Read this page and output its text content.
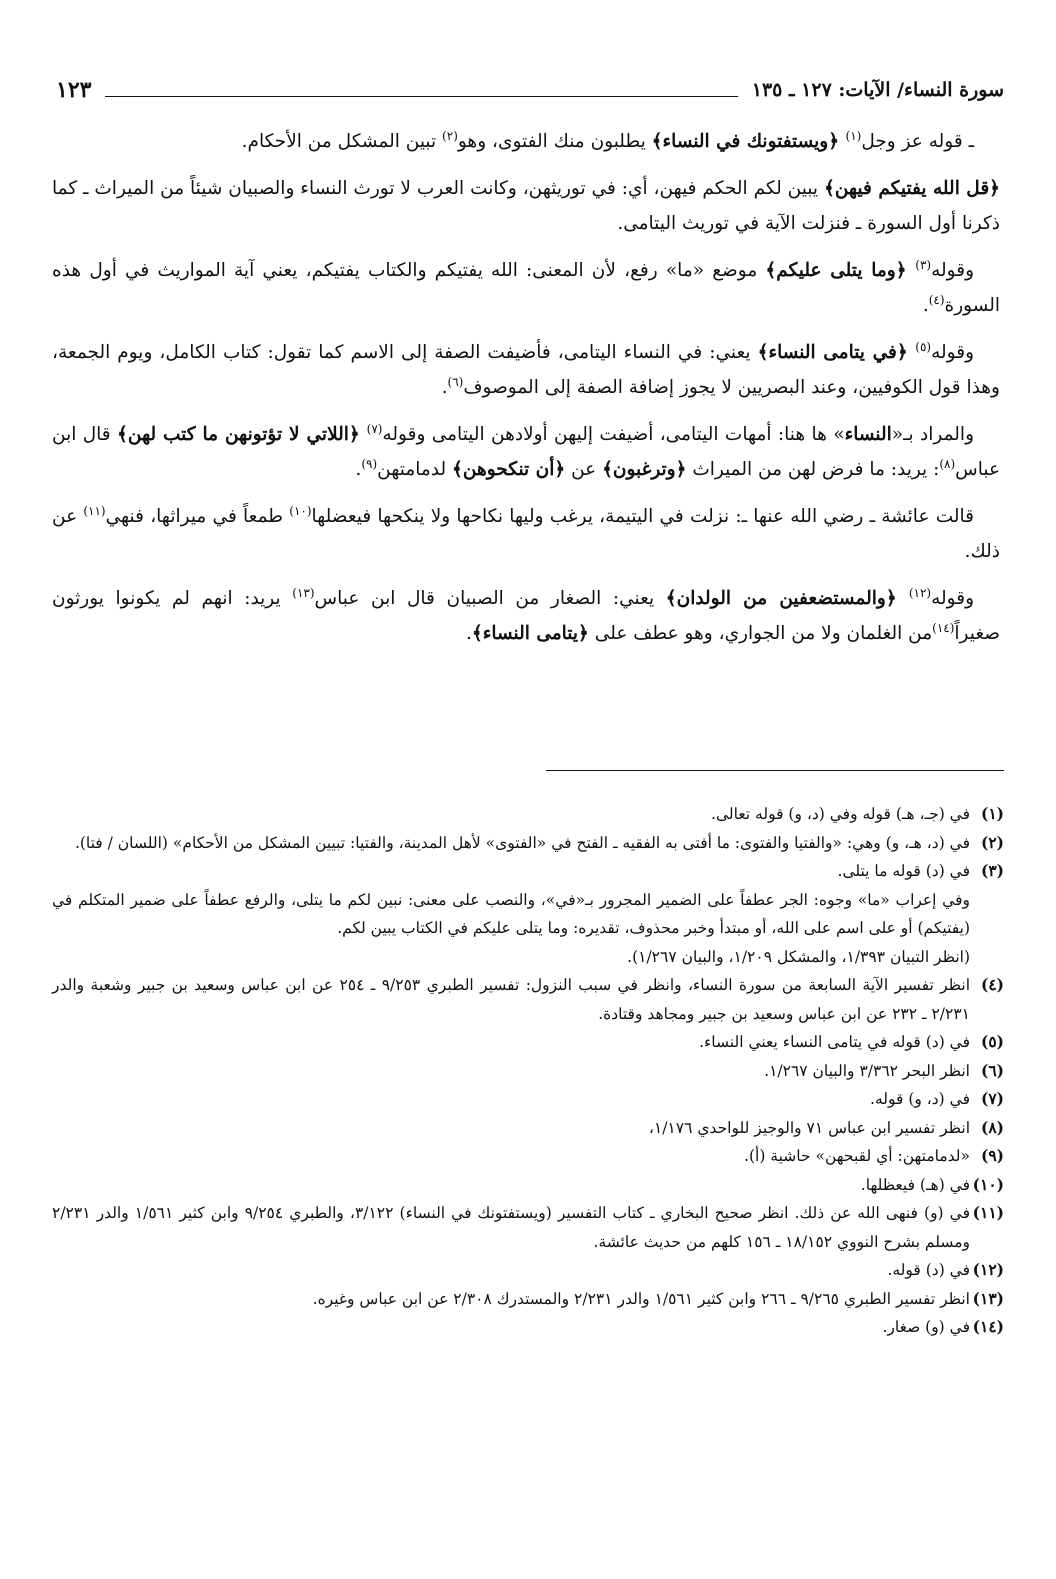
سورة النساء/ الآيات: ١٢٧ ـ ١٣٥
١٢٣

ـ قوله عز وجل$^{(١)}$ ﴿ويستفتونك في النساء﴾ يطلبون منك الفتوى، وهو$^{(٢)}$ تبين المشكل من الأحكام.

﴿قل الله يفتيكم فيهن﴾ يبين لكم الحكم فيهن، أي: في توريثهن، وكانت العرب لا تورث النساء والصبيان شيئاً من الميراث ـ كما ذكرنا أول السورة ـ فنزلت الآية في توريث اليتامى.

وقوله$^{(٣)}$ ﴿وما يتلى عليكم﴾ موضع «ما» رفع، لأن المعنى: الله يفتيكم والكتاب يفتيكم، يعني آية المواريث في أول هذه السورة$^{(٤)}$.

وقوله$^{(٥)}$ ﴿في يتامى النساء﴾ يعني: في النساء اليتامى، فأضيفت الصفة إلى الاسم كما تقول: كتاب الكامل، ويوم الجمعة، وهذا قول الكوفيين، وعند البصريين لا يجوز إضافة الصفة إلى الموصوف$^{(٦)}$.

والمراد بـ«النساء» ها هنا: أمهات اليتامى، أضيفت إليهن أولادهن اليتامى وقوله$^{(٧)}$ ﴿اللاتي لا تؤتونهن ما كتب لهن﴾ قال ابن عباس$^{(٨)}$: يريد: ما فرض لهن من الميراث ﴿وترغبون﴾ عن ﴿أن تنكحوهن﴾ لدمامتهن$^{(٩)}$.

قالت عائشة ـ رضي الله عنها ـ: نزلت في اليتيمة، يرغب وليها نكاحها ولا ينكحها فيعضلها$^{(١٠)}$ طمعاً في ميراثها، فنهي$^{(١١)}$ عن ذلك.

وقوله$^{(١٢)}$ ﴿والمستضعفين من الولدان﴾ يعني: الصغار من الصبيان قال ابن عباس$^{(١٣)}$ يريد: انهم لم يكونوا يورثون صغيراً$^{(١٤)}$من الغلمان ولا من الجواري، وهو عطف على ﴿يتامى النساء﴾.

(١)
في (جـ، هـ) قوله وفي (د، و) قوله تعالى.
(٢)
في (د، هـ، و) وهي: «والفتيا والفتوى: ما أفتى به الفقيه ـ الفتح في «الفتوى» لأهل المدينة، والفتيا: تبيين المشكل من الأحكام» (اللسان / فتا).
(٣)
في (د) قوله ما يتلى.
وفي إعراب «ما» وجوه: الجر عطفاً على الضمير المجرور بـ«في»، والنصب على معنى: نبين لكم ما يتلى، والرفع عطفاً على ضمير المتكلم في (يفتيكم) أو على اسم على الله، أو مبتدأ وخبر محذوف، تقديره: وما يتلى عليكم في الكتاب يبين لكم.
(انظر التبيان ١/٣٩٣، والمشكل ١/٢٠٩، والبيان ١/٢٦٧).
(٤)
انظر تفسير الآية السابعة من سورة النساء، وانظر في سبب النزول: تفسير الطبري ٩/٢٥٣ ـ ٢٥٤ عن ابن عباس وسعيد بن جبير وشعبة والدر ٢/٢٣١ ـ ٢٣٢ عن ابن عباس وسعيد بن جبير ومجاهد وقتادة.
(٥)
في (د) قوله في يتامى النساء يعني النساء.
(٦)
انظر البحر ٣/٣٦٢ والبيان ١/٢٦٧.
(٧)
في (د، و) قوله.
(٨)
انظر تفسير ابن عباس ٧١ والوجيز للواحدي ١/١٧٦،
(٩)
«لدمامتهن: أي لقبحهن» حاشية (أ).
(١٠)
في (هـ) فيعظلها.
(١١)
في (و) فنهى الله عن ذلك. انظر صحيح البخاري ـ كتاب التفسير (ويستفتونك في النساء) ٣/١٢٢، والطبري ٩/٢٥٤ وابن كثير ١/٥٦١ والدر ٢/٢٣١ ومسلم بشرح النووي ١٨/١٥٢ ـ ١٥٦ كلهم من حديث عائشة.
(١٢)
في (د) قوله.
(١٣)
انظر تفسير الطبري ٩/٢٦٥ ـ ٢٦٦ وابن كثير ١/٥٦١ والدر ٢/٢٣١ والمستدرك ٢/٣٠٨ عن ابن عباس وغيره.
(١٤)
في (و) صغار.
